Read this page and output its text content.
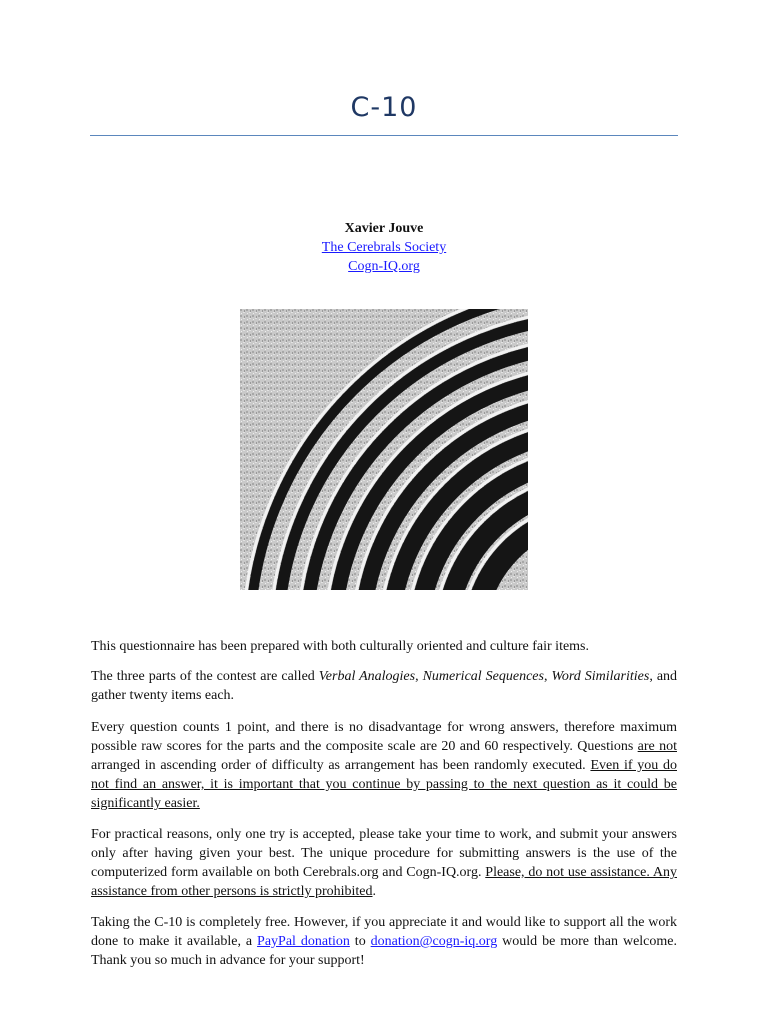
C-10
Xavier Jouve
The Cerebrals Society
Cogn-IQ.org

This questionnaire has been prepared with both culturally oriented and culture fair items.

The three parts of the contest are called Verbal Analogies, Numerical Sequences, Word Similarities, and gather twenty items each.

Every question counts 1 point, and there is no disadvantage for wrong answers, therefore maximum possible raw scores for the parts and the composite scale are 20 and 60 respectively. Questions are not arranged in ascending order of difficulty as arrangement has been randomly executed. Even if you do not find an answer, it is important that you continue by passing to the next question as it could be significantly easier.

For practical reasons, only one try is accepted, please take your time to work, and submit your answers only after having given your best. The unique procedure for submitting answers is the use of the computerized form available on both Cerebrals.org and Cogn-IQ.org. Please, do not use assistance. Any assistance from other persons is strictly prohibited.

Taking the C-10 is completely free. However, if you appreciate it and would like to support all the work done to make it available, a PayPal donation to donation@cogn-iq.org would be more than welcome. Thank you so much in advance for your support!
